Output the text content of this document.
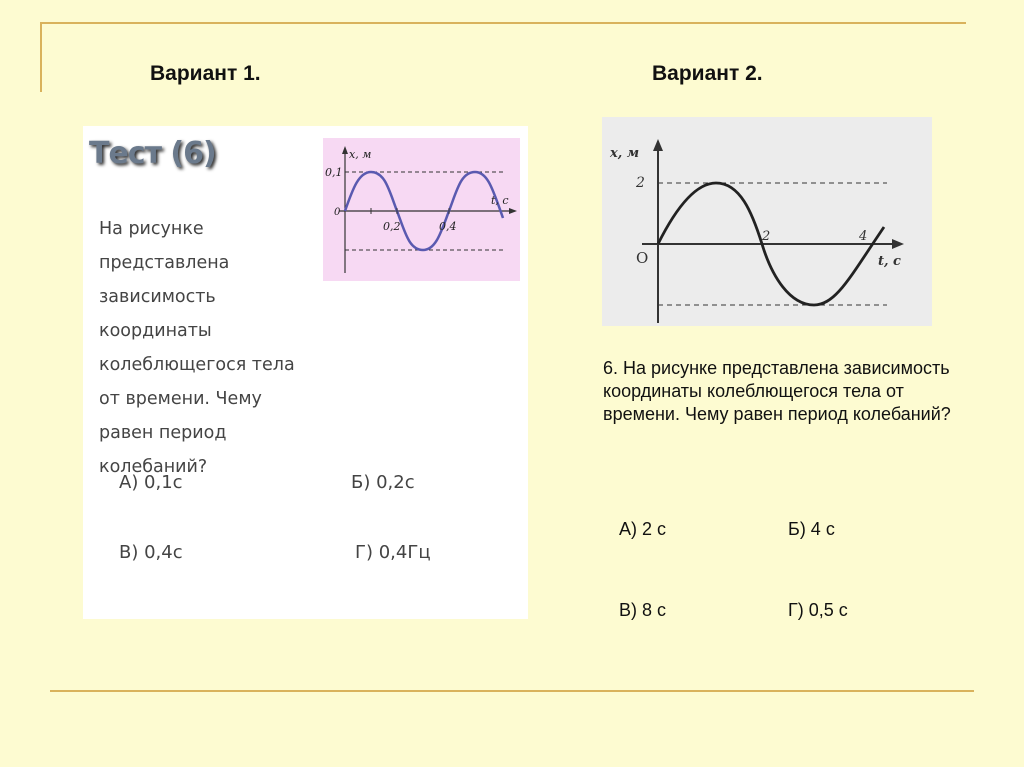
Вариант 1.	Вариант 2.
Тест (6)	x, м
0,1
0
0,2	0,4
t, c
На рисунке представлена зависимость координаты колеблющегося тела от времени. Чему равен период колебаний?
А) 0,1с	Б) 0,2с
В) 0,4с	Г) 0,4Гц
x, м
2
O
2	4
t, c
6. На рисунке представлена зависимость координаты колеблющегося тела от времени. Чему равен период колебаний?
А) 2 с	Б) 4 с
В) 8 с	Г) 0,5 с
